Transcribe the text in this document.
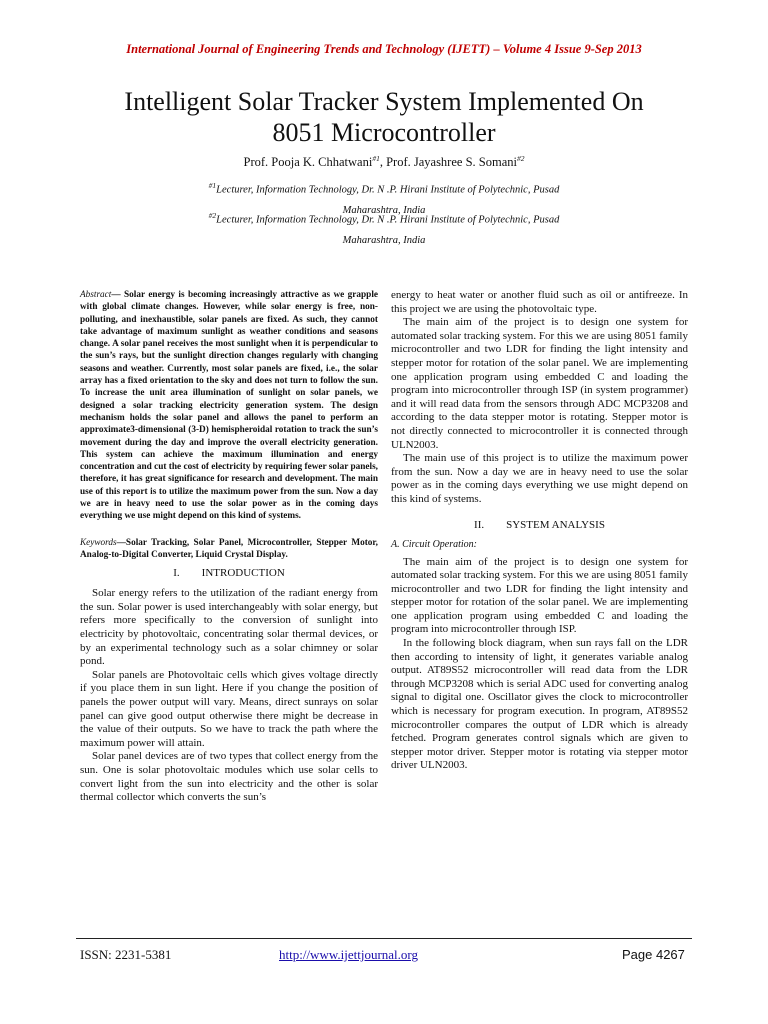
International Journal of Engineering Trends and Technology (IJETT) – Volume 4 Issue 9-Sep 2013
Intelligent Solar Tracker System Implemented On
8051 Microcontroller
Prof. Pooja K. Chhatwani$^{\#1}$, Prof. Jayashree S. Somani$^{\#2}$
$^{\#1}$Lecturer, Information Technology, Dr. N .P. Hirani Institute of Polytechnic, Pusad
Maharashtra, India
$^{\#2}$Lecturer, Information Technology, Dr. N .P. Hirani Institute of Polytechnic, Pusad
Maharashtra, India

Abstract— Solar energy is becoming increasingly attractive as we grapple with global climate changes. However, while solar energy is free, non-polluting, and inexhaustible, solar panels are fixed. As such, they cannot take advantage of maximum sunlight as weather conditions and seasons change. A solar panel receives the most sunlight when it is perpendicular to the sun’s rays, but the sunlight direction changes regularly with changing seasons and weather. Currently, most solar panels are fixed, i.e., the solar array has a fixed orientation to the sky and does not turn to follow the sun. To increase the unit area illumination of sunlight on solar panels, we designed a solar tracking electricity generation system. The design mechanism holds the solar panel and allows the panel to perform an approximate3-dimensional (3-D) hemispheroidal rotation to track the sun’s movement during the day and improve the overall electricity generation. This system can achieve the maximum illumination and energy concentration and cut the cost of electricity by requiring fewer solar panels, therefore, it has great significance for research and development. The main use of this report is to utilize the maximum power from the sun. Now a day we are in heavy need to use the solar power as in the coming days everything we use might depend on this kind of systems.

Keywords—Solar Tracking, Solar Panel, Microcontroller, Stepper Motor, Analog-to-Digital Converter, Liquid Crystal Display.

I. INTRODUCTION

Solar energy refers to the utilization of the radiant energy from the sun. Solar power is used interchangeably with solar energy, but refers more specifically to the conversion of sunlight into electricity by photovoltaic, concentrating solar thermal devices, or by an experimental technology such as a solar chimney or solar pond.

Solar panels are Photovoltaic cells which gives voltage directly if you place them in sun light. Here if you change the position of panels the power output will vary. Means, direct sunrays on solar panel can give good output otherwise there might be decrease in the value of their outputs. So we have to track the path where the maximum power will attain.

Solar panel devices are of two types that collect energy from the sun. One is solar photovoltaic modules which use solar cells to convert light from the sun into electricity and the other is solar thermal collector which converts the sun’s

energy to heat water or another fluid such as oil or antifreeze. In this project we are using the photovoltaic type.

The main aim of the project is to design one system for automated solar tracking system. For this we are using 8051 family microcontroller and two LDR for finding the light intensity and stepper motor for rotation of the solar panel. We are implementing one application program using embedded C and loading the program into microcontroller through ISP (in system programmer) and it will read data from the sensors through ADC MCP3208 and according to the data stepper motor is rotating. Stepper motor is not directly connected to microcontroller it is connected through ULN2003.

The main use of this project is to utilize the maximum power from the sun. Now a day we are in heavy need to use the solar power as in the coming days everything we use might depend on this kind of systems.

II. SYSTEM ANALYSIS
A. Circuit Operation:

The main aim of the project is to design one system for automated solar tracking system. For this we are using 8051 family microcontroller and two LDR for finding the light intensity and stepper motor for rotation of the solar panel. We are implementing one application program using embedded C and loading the program into microcontroller through ISP.

In the following block diagram, when sun rays fall on the LDR then according to intensity of light, it generates variable analog output. AT89S52 microcontroller will read data from the LDR through MCP3208 which is serial ADC used for converting analog signal to digital one. Oscillator gives the clock to microcontroller which is necessary for program execution. In program, AT89S52 microcontroller compares the output of LDR which is already fetched. Program generates control signals which are given to stepper motor driver. Stepper motor is rotating via stepper motor driver ULN2003.

ISSN: 2231-5381	http://www.ijettjournal.org	Page 4267
